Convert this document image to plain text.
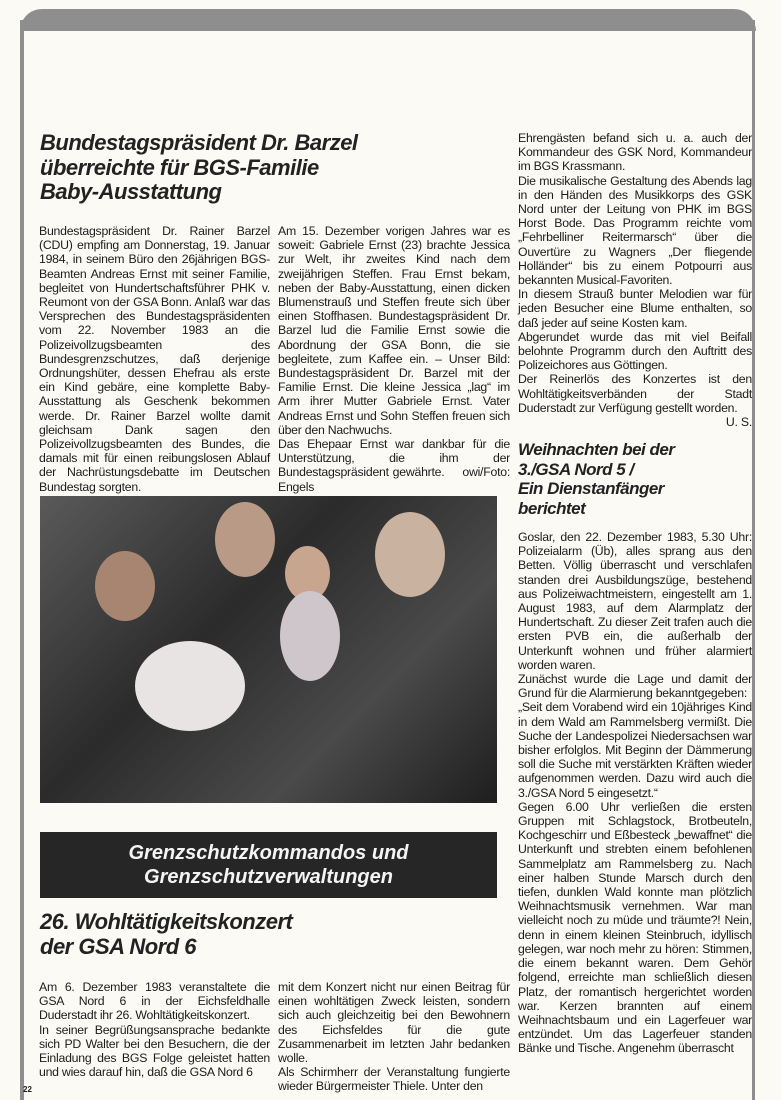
Bundestagspräsident Dr. Barzel
überreichte für BGS-Familie
Baby-Ausstattung

Bundestagspräsident Dr. Rainer Barzel (CDU) empfing am Donnerstag, 19. Januar 1984, in seinem Büro den 26jährigen BGS-Beamten Andreas Ernst mit seiner Familie, begleitet von Hundertschaftsführer PHK v. Reumont von der GSA Bonn. Anlaß war das Versprechen des Bundestagspräsidenten vom 22. November 1983 an die Polizeivollzugsbeamten des Bundesgrenzschutzes, daß derjenige Ordnungshüter, dessen Ehefrau als erste ein Kind gebäre, eine komplette Baby-Ausstattung als Geschenk bekommen werde. Dr. Rainer Barzel wollte damit gleichsam Dank sagen den Polizeivollzugsbeamten des Bundes, die damals mit für einen reibungslosen Ablauf der Nachrüstungsdebatte im Deutschen Bundestag sorgten.

Am 15. Dezember vorigen Jahres war es soweit: Gabriele Ernst (23) brachte Jessica zur Welt, ihr zweites Kind nach dem zweijährigen Steffen. Frau Ernst bekam, neben der Baby-Ausstattung, einen dicken Blumenstrauß und Steffen freute sich über einen Stoffhasen. Bundestagspräsident Dr. Barzel lud die Familie Ernst sowie die Abordnung der GSA Bonn, die sie begleitete, zum Kaffee ein. – Unser Bild: Bundestagspräsident Dr. Barzel mit der Familie Ernst. Die kleine Jessica „lag“ im Arm ihrer Mutter Gabriele Ernst. Vater Andreas Ernst und Sohn Steffen freuen sich über den Nachwuchs.

Das Ehepaar Ernst war dankbar für die Unterstützung, die ihm der Bundestagspräsident gewährte. owi/Foto: Engels

Grenzschutzkommandos und
Grenzschutzverwaltungen
26. Wohltätigkeitskonzert
der GSA Nord 6

Am 6. Dezember 1983 veranstaltete die GSA Nord 6 in der Eichsfeldhalle Duderstadt ihr 26. Wohltätigkeitskonzert.

In seiner Begrüßungsansprache bedankte sich PD Walter bei den Besuchern, die der Einladung des BGS Folge geleistet hatten und wies darauf hin, daß die GSA Nord 6

mit dem Konzert nicht nur einen Beitrag für einen wohltätigen Zweck leisten, sondern sich auch gleichzeitig bei den Bewohnern des Eichsfeldes für die gute Zusammenarbeit im letzten Jahr bedanken wolle.

Als Schirmherr der Veranstaltung fungierte wieder Bürgermeister Thiele. Unter den

Ehrengästen befand sich u. a. auch der Kommandeur des GSK Nord, Kommandeur im BGS Krassmann.

Die musikalische Gestaltung des Abends lag in den Händen des Musikkorps des GSK Nord unter der Leitung von PHK im BGS Horst Bode. Das Programm reichte vom „Fehrbelliner Reitermarsch“ über die Ouvertüre zu Wagners „Der fliegende Holländer“ bis zu einem Potpourri aus bekannten Musical-Favoriten.

In diesem Strauß bunter Melodien war für jeden Besucher eine Blume enthalten, so daß jeder auf seine Kosten kam.

Abgerundet wurde das mit viel Beifall belohnte Programm durch den Auftritt des Polizeichores aus Göttingen.

Der Reinerlös des Konzertes ist den Wohltätigkeitsverbänden der Stadt Duderstadt zur Verfügung gestellt worden.

U. S.

Weihnachten bei der
3./GSA Nord 5 /
Ein Dienstanfänger
berichtet

Goslar, den 22. Dezember 1983, 5.30 Uhr: Polizeialarm (Üb), alles sprang aus den Betten. Völlig überrascht und verschlafen standen drei Ausbildungszüge, bestehend aus Polizeiwachtmeistern, eingestellt am 1. August 1983, auf dem Alarmplatz der Hundertschaft. Zu dieser Zeit trafen auch die ersten PVB ein, die außerhalb der Unterkunft wohnen und früher alarmiert worden waren.

Zunächst wurde die Lage und damit der Grund für die Alarmierung bekanntgegeben:

„Seit dem Vorabend wird ein 10jähriges Kind in dem Wald am Rammelsberg vermißt. Die Suche der Landespolizei Niedersachsen war bisher erfolglos. Mit Beginn der Dämmerung soll die Suche mit verstärkten Kräften wieder aufgenommen werden. Dazu wird auch die 3./GSA Nord 5 eingesetzt.“

Gegen 6.00 Uhr verließen die ersten Gruppen mit Schlagstock, Brotbeuteln, Kochgeschirr und Eßbesteck „bewaffnet“ die Unterkunft und strebten einem befohlenen Sammelplatz am Rammelsberg zu. Nach einer halben Stunde Marsch durch den tiefen, dunklen Wald konnte man plötzlich Weihnachtsmusik vernehmen. War man vielleicht noch zu müde und träumte?! Nein, denn in einem kleinen Steinbruch, idyllisch gelegen, war noch mehr zu hören: Stimmen, die einem bekannt waren. Dem Gehör folgend, erreichte man schließlich diesen Platz, der romantisch hergerichtet worden war. Kerzen brannten auf einem Weihnachtsbaum und ein Lagerfeuer war entzündet. Um das Lagerfeuer standen Bänke und Tische. Angenehm überrascht

22
